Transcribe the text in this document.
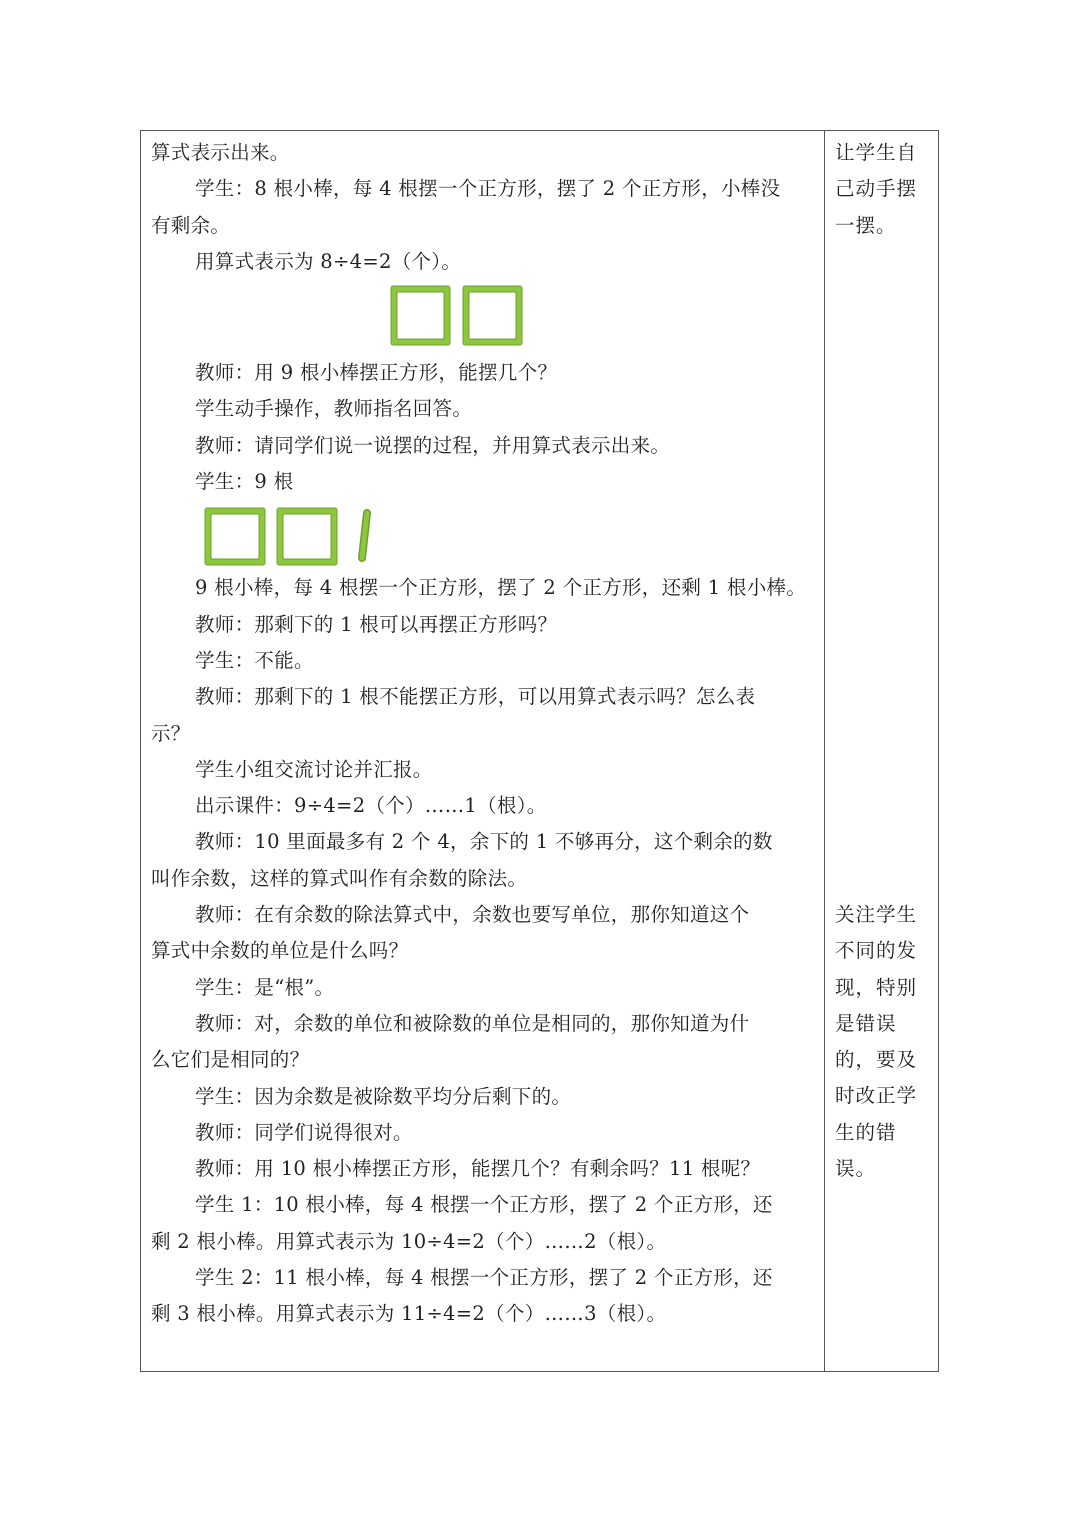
算式表示出来。
学生：8 根小棒，每 4 根摆一个正方形，摆了 2 个正方形，小棒没
有剩余。
用算式表示为 8÷4=2（个）。
教师：用 9 根小棒摆正方形，能摆几个？
学生动手操作，教师指名回答。
教师：请同学们说一说摆的过程，并用算式表示出来。
学生：9 根
9 根小棒，每 4 根摆一个正方形，摆了 2 个正方形，还剩 1 根小棒。
教师：那剩下的 1 根可以再摆正方形吗？
学生：不能。
教师：那剩下的 1 根不能摆正方形，可以用算式表示吗？怎么表
示？
学生小组交流讨论并汇报。
出示课件：9÷4=2（个）……1（根）。
教师：10 里面最多有 2 个 4，余下的 1 不够再分，这个剩余的数
叫作余数，这样的算式叫作有余数的除法。
教师：在有余数的除法算式中，余数也要写单位，那你知道这个
算式中余数的单位是什么吗？
学生：是“根”。
教师：对，余数的单位和被除数的单位是相同的，那你知道为什
么它们是相同的？
学生：因为余数是被除数平均分后剩下的。
教师：同学们说得很对。
教师：用 10 根小棒摆正方形，能摆几个？有剩余吗？11 根呢？
学生 1：10 根小棒，每 4 根摆一个正方形，摆了 2 个正方形，还
剩 2 根小棒。用算式表示为 10÷4=2（个）……2（根）。
学生 2：11 根小棒，每 4 根摆一个正方形，摆了 2 个正方形，还
剩 3 根小棒。用算式表示为 11÷4=2（个）……3（根）。
让学生自
己动手摆
一摆。
关注学生
不同的发
现，特别
是错误
的，要及
时改正学
生的错
误。
